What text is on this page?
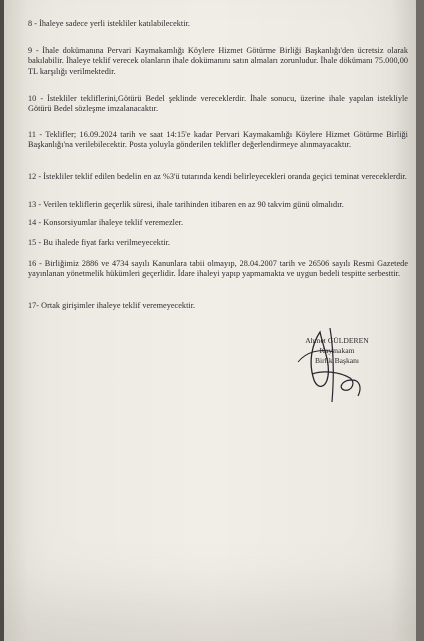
8 - İhaleye sadece yerli istekliler katılabilecektir.

9 - İhale dokümanına Pervari Kaymakamlığı Köylere Hizmet Götürme Birliği Başkanlığı'den ücretsiz olarak bakılabilir. İhaleye teklif verecek olanların ihale dokümanını satın almaları zorunludur. İhale dökümanı 75.000,00 TL karşılığı verilmektedir.

10 - İstekliler tekliflerini,Götürü Bedel şeklinde vereceklerdir. İhale sonucu, üzerine ihale yapılan istekliyle Götürü Bedel sözleşme imzalanacaktır.

11 - Teklifler; 16.09.2024 tarih ve saat 14:15'e kadar Pervari Kaymakamlığı Köylere Hizmet Götürme Birliği Başkanlığı'na verilebilecektir. Posta yoluyla gönderilen teklifler değerlendirmeye alınmayacaktır.

12 - İstekliler teklif edilen bedelin en az %3'ü tutarında kendi belirleyecekleri oranda geçici teminat vereceklerdir.

13 - Verilen tekliflerin geçerlik süresi, ihale tarihinden itibaren en az 90 takvim günü olmalıdır.

14 - Konsorsiyumlar ihaleye teklif veremezler.

15 - Bu ihalede fiyat farkı verilmeyecektir.

16 - Birliğimiz 2886 ve 4734 sayılı Kanunlara tabii olmayıp, 28.04.2007 tarih ve 26506 sayılı Resmi Gazetede yayınlanan yönetmelik hükümleri geçerlidir. İdare ihaleyi yapıp yapmamakta ve uygun bedeli tespitte serbesttir.

17- Ortak girişimler ihaleye teklif veremeyecektir.

Ahmet GÜLDEREN
Kaymakam
Birlik Başkanı
